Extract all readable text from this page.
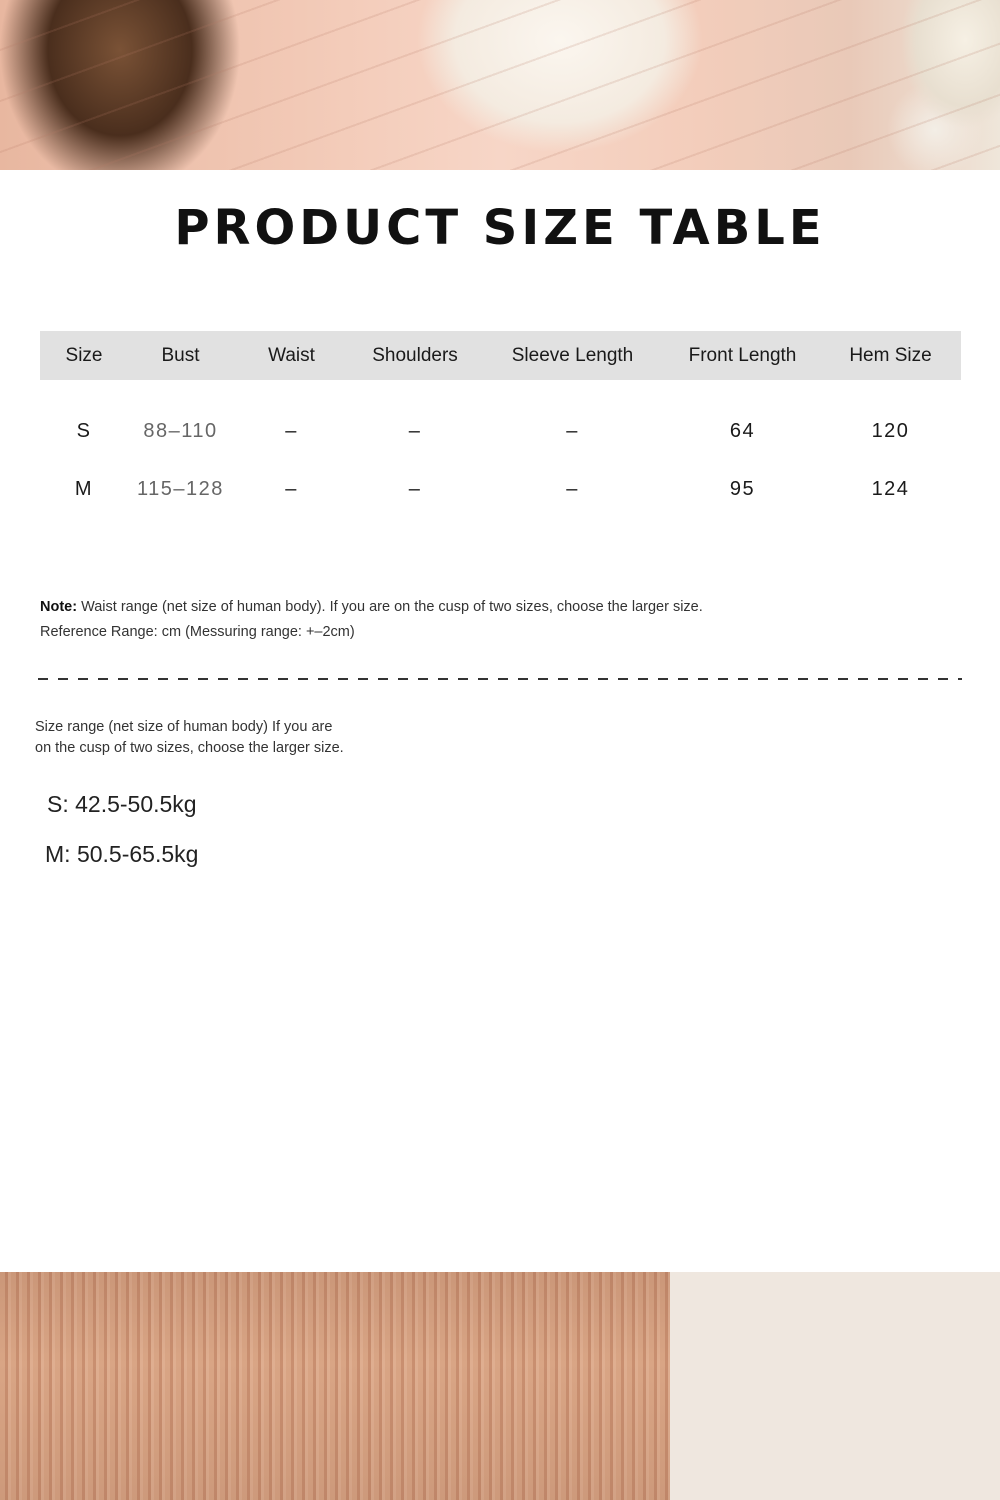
PRODUCT SIZE TABLE
Size	Bust	Waist	Shoulders	Sleeve Length	Front Length	Hem Size

S	88–110	–	–	–	64	120
M	115–128	–	–	–	95	124
Note: Waist range (net size of human body). If you are on the cusp of two sizes, choose the larger size.
Reference Range: cm (Messuring range: +–2cm)
Size range (net size of human body) If you are
on the cusp of two sizes, choose the larger size.
S: 42.5-50.5kg
M: 50.5-65.5kg
